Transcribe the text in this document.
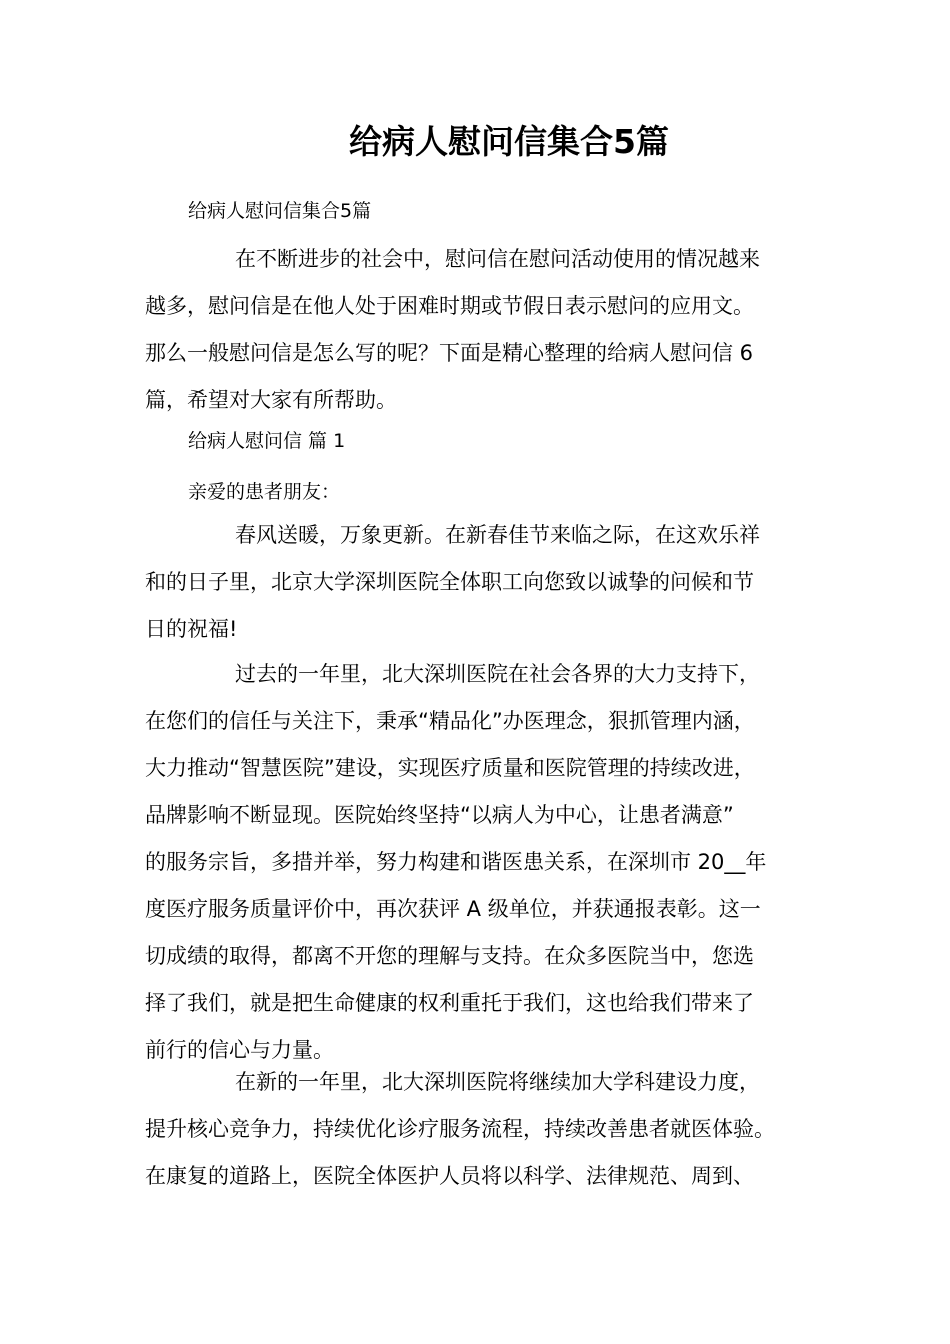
给病人慰问信集合5篇
给病人慰问信集合5篇
在不断进步的社会中，慰问信在慰问活动使用的情况越来
越多，慰问信是在他人处于困难时期或节假日表示慰问的应用文。
那么一般慰问信是怎么写的呢？下面是精心整理的给病人慰问信 6
篇，希望对大家有所帮助。
给病人慰问信 篇 1
亲爱的患者朋友：
春风送暖，万象更新。在新春佳节来临之际，在这欢乐祥
和的日子里，北京大学深圳医院全体职工向您致以诚挚的问候和节
日的祝福!
过去的一年里，北大深圳医院在社会各界的大力支持下，
在您们的信任与关注下，秉承“精品化”办医理念，狠抓管理内涵，
大力推动“智慧医院”建设，实现医疗质量和医院管理的持续改进，
品牌影响不断显现。医院始终坚持“以病人为中心，让患者满意”
的服务宗旨，多措并举，努力构建和谐医患关系，在深圳市 20__年
度医疗服务质量评价中，再次获评 A 级单位，并获通报表彰。这一
切成绩的取得，都离不开您的理解与支持。在众多医院当中，您选
择了我们，就是把生命健康的权利重托于我们，这也给我们带来了
前行的信心与力量。
在新的一年里，北大深圳医院将继续加大学科建设力度，
提升核心竞争力，持续优化诊疗服务流程，持续改善患者就医体验。
在康复的道路上，医院全体医护人员将以科学、法律规范、周到、
